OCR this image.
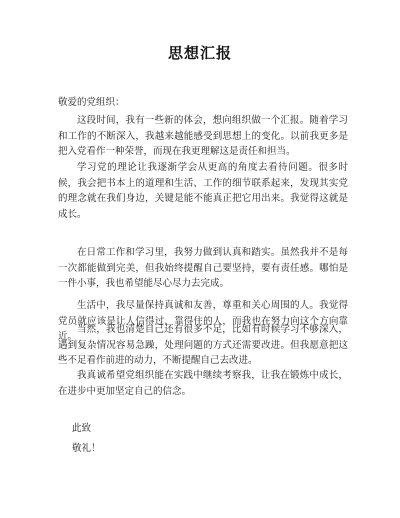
思想汇报
敬爱的党组织：

这段时间，我有一些新的体会，想向组织做一个汇报。随着学习和工作的不断深入，我越来越能感受到思想上的变化。以前我更多是把入党看作一种荣誉，而现在我更理解这是责任和担当。

学习党的理论让我逐渐学会从更高的角度去看待问题。很多时候，我会把书本上的道理和生活、工作的细节联系起来，发现其实党的理念就在我们身边，关键是能不能真正把它用出来。我觉得这就是成长。

在日常工作和学习里，我努力做到认真和踏实。虽然我并不是每一次都能做到完美，但我始终提醒自己要坚持，要有责任感。哪怕是一件小事，我也希望能尽心尽力去完成。

生活中，我尽量保持真诚和友善，尊重和关心周围的人。我觉得党员就应该是让人信得过、靠得住的人，而我也在努力向这个方向靠近。

当然，我也清楚自己还有很多不足，比如有时候学习不够深入，遇到复杂情况容易急躁，处理问题的方式还需要改进。但我愿意把这些不足看作前进的动力，不断提醒自己去改进。

我真诚希望党组织能在实践中继续考察我，让我在锻炼中成长，在进步中更加坚定自己的信念。

此致
敬礼！
